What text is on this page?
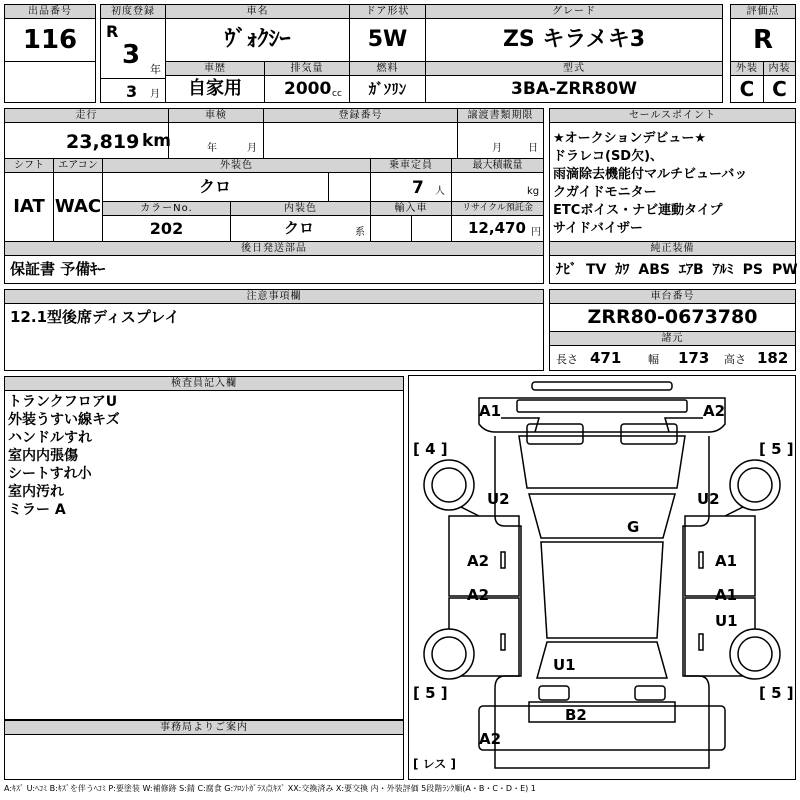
出品番号
116
初度登録
R
3 年
3 月
車名
ｳﾞｫｸｼｰ
ドア形状
5W
グレード
ZS キラメキ3
評価点
R
車歴
自家用
排気量
2000 cc
燃料
ｶﾞｿﾘﾝ
型式
3BA-ZRR80W
外装
C
内装
C
走行
23,819 km
車検
年	月
登録番号	譲渡書類期限
月	日
シフト
IAT
エアコン
WAC
外装色
クロ
乗車定員
7 人
最大積載量
kg
カラーNo.
202
内装色
クロ	系
輸入車	リサイクル預託金
12,470 円
セールスポイント
★オークションデビュー★
ドラレコ(SD欠)、
雨滴除去機能付マルチビューバッ
クガイドモニター
ETCボイス・ナビ連動タイプ
サイドバイザー
後日発送部品
保証書 予備ｷｰ
純正装備
ﾅﾋﾞ TV ｶﾜ ABS ｴｱB ｱﾙﾐ PS PW
注意事項欄
12.1型後席ディスプレイ
車台番号
ZRR80-0673780
諸元
長さ 471 幅 173 高さ 182
検査員記入欄
トランクフロアU
外装うすい線キズ
ハンドルすれ
室内内張傷
シートすれ小
室内汚れ
ミラー A
事務局よりご案内
A1	A2
[ 4 ]	[ 5 ]
U2	U2
G
A2	A1
A2	A1
U1
U1
[ 5 ]	[ 5 ]
B2
A2
[ レス ]
A:ｷｽﾞ U:ﾍｺﾐ B:ｷｽﾞを伴うﾍｺﾐ P:要塗装 W:補修跡 S:錆 C:腐食 G:ﾌﾛﾝﾄｶﾞﾗｽ点ｷｽﾞ XX:交換済み X:要交換 内・外装評価 5段階ﾗﾝｸ順(A・B・C・D・E) 1
